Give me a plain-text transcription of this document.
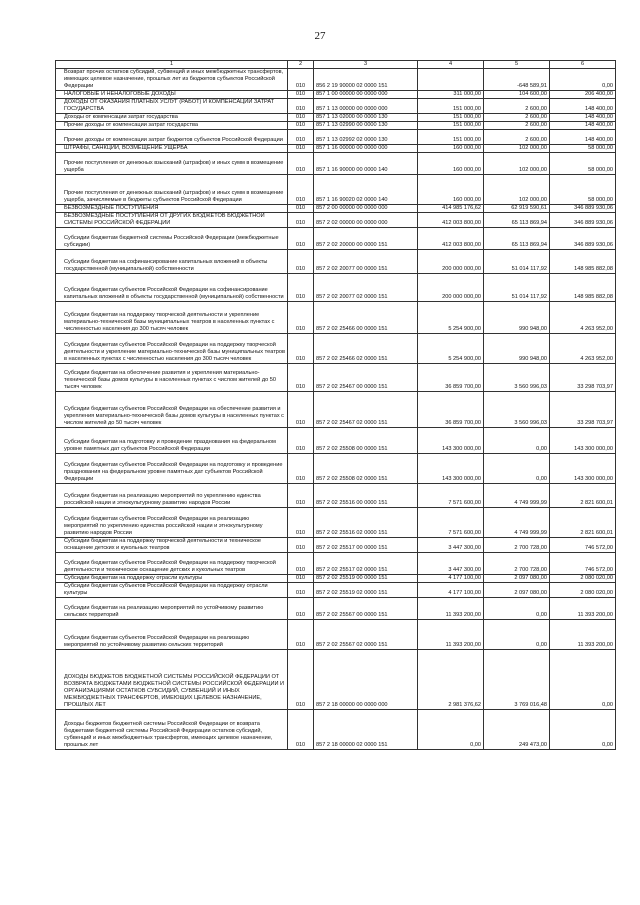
27
1	2	3	4	5	6

Возврат прочих остатков субсидий, субвенций и иных межбюджетных трансфертов, имеющих целевое назначение, прошлых лет из бюджетов субъектов Российской Федерации	010	856 2 19 90000 02 0000 151		-648 589,91	0,00

НАЛОГОВЫЕ И НЕНАЛОГОВЫЕ ДОХОДЫ	010	857 1 00 00000 00 0000 000	311 000,00	104 600,00	206 400,00

ДОХОДЫ ОТ ОКАЗАНИЯ ПЛАТНЫХ УСЛУГ (РАБОТ) И КОМПЕНСАЦИИ ЗАТРАТ ГОСУДАРСТВА	010	857 1 13 00000 00 0000 000	151 000,00	2 600,00	148 400,00

Доходы от компенсации затрат государства	010	857 1 13 02000 00 0000 130	151 000,00	2 600,00	148 400,00

Прочие доходы от компенсации затрат государства	010	857 1 13 02990 00 0000 130	151 000,00	2 600,00	148 400,00

Прочие доходы от компенсации затрат бюджетов субъектов Российской Федерации	010	857 1 13 02992 02 0000 130	151 000,00	2 600,00	148 400,00

ШТРАФЫ, САНКЦИИ, ВОЗМЕЩЕНИЕ УЩЕРБА	010	857 1 16 00000 00 0000 000	160 000,00	102 000,00	58 000,00

Прочие поступления от денежных взысканий (штрафов) и иных сумм в возмещение ущерба	010	857 1 16 90000 00 0000 140	160 000,00	102 000,00	58 000,00

Прочие поступления от денежных взысканий (штрафов) и иных сумм в возмещение ущерба, зачисляемые в бюджеты субъектов Российской Федерации	010	857 1 16 90020 02 0000 140	160 000,00	102 000,00	58 000,00

БЕЗВОЗМЕЗДНЫЕ ПОСТУПЛЕНИЯ	010	857 2 00 00000 00 0000 000	414 985 176,62	62 919 590,61	346 889 930,06

БЕЗВОЗМЕЗДНЫЕ ПОСТУПЛЕНИЯ ОТ ДРУГИХ БЮДЖЕТОВ БЮДЖЕТНОЙ СИСТЕМЫ РОССИЙСКОЙ ФЕДЕРАЦИИ	010	857 2 02 00000 00 0000 000	412 003 800,00	65 113 869,94	346 889 930,06

Субсидии бюджетам бюджетной системы Российской Федерации (межбюджетные субсидии)	010	857 2 02 20000 00 0000 151	412 003 800,00	65 113 869,94	346 889 930,06

Субсидии бюджетам на софинансирование капитальных вложений в объекты государственной (муниципальной) собственности	010	857 2 02 20077 00 0000 151	200 000 000,00	51 014 117,92	148 985 882,08

Субсидии бюджетам субъектов Российской Федерации на софинансирование капитальных вложений в объекты государственной (муниципальной) собственности	010	857 2 02 20077 02 0000 151	200 000 000,00	51 014 117,92	148 985 882,08

Субсидии бюджетам на поддержку творческой деятельности и укрепление материально-технической базы муниципальных театров в населенных пунктах с численностью населения до 300 тысяч человек	010	857 2 02 25466 00 0000 151	5 254 900,00	990 948,00	4 263 952,00

Субсидии бюджетам субъектов Российской Федерации на поддержку творческой деятельности и укрепление материально-технической базы муниципальных театров в населенных пунктах с численностью населения до 300 тысяч человек	010	857 2 02 25466 02 0000 151	5 254 900,00	990 948,00	4 263 952,00

Субсидии бюджетам на обеспечение развития и укрепления материально-технической базы домов культуры в населенных пунктах с числом жителей до 50 тысяч человек	010	857 2 02 25467 00 0000 151	36 859 700,00	3 560 996,03	33 298 703,97

Субсидии бюджетам субъектов Российской Федерации на обеспечение развития и укрепления материально-технической базы домов культуры в населенных пунктах с числом жителей до 50 тысяч человек	010	857 2 02 25467 02 0000 151	36 859 700,00	3 560 996,03	33 298 703,97

Субсидии бюджетам на подготовку и проведение празднования на федеральном уровне памятных дат субъектов Российской Федерации	010	857 2 02 25508 00 0000 151	143 300 000,00	0,00	143 300 000,00

Субсидии бюджетам субъектов Российской Федерации на подготовку и проведение празднования на федеральном уровне памятных дат субъектов Российской Федерации	010	857 2 02 25508 02 0000 151	143 300 000,00	0,00	143 300 000,00

Субсидии бюджетам на реализацию мероприятий по укреплению единства российской нации и этнокультурному развитию народов России	010	857 2 02 25516 00 0000 151	7 571 600,00	4 749 999,99	2 821 600,01

Субсидии бюджетам субъектов Российской Федерации на реализацию мероприятий по укреплению единства российской нации и этнокультурному развитию народов России	010	857 2 02 25516 02 0000 151	7 571 600,00	4 749 999,99	2 821 600,01

Субсидии бюджетам на поддержку творческой деятельности и техническое оснащение детских и кукольных театров	010	857 2 02 25517 00 0000 151	3 447 300,00	2 700 728,00	746 572,00

Субсидии бюджетам субъектов Российской Федерации на поддержку творческой деятельности и техническое оснащение детских и кукольных театров	010	857 2 02 25517 02 0000 151	3 447 300,00	2 700 728,00	746 572,00

Субсидии бюджетам на поддержку отрасли культуры	010	857 2 02 25519 00 0000 151	4 177 100,00	2 097 080,00	2 080 020,00

Субсидии бюджетам субъектов Российской Федерации на поддержку отрасли культуры	010	857 2 02 25519 02 0000 151	4 177 100,00	2 097 080,00	2 080 020,00

Субсидии бюджетам на реализацию мероприятий по устойчивому развитию сельских территорий	010	857 2 02 25567 00 0000 151	11 393 200,00	0,00	11 393 200,00

Субсидии бюджетам субъектов Российской Федерации на реализацию мероприятий по устойчивому развитию сельских территорий	010	857 2 02 25567 02 0000 151	11 393 200,00	0,00	11 393 200,00

ДОХОДЫ БЮДЖЕТОВ БЮДЖЕТНОЙ СИСТЕМЫ РОССИЙСКОЙ ФЕДЕРАЦИИ ОТ ВОЗВРАТА БЮДЖЕТАМИ БЮДЖЕТНОЙ СИСТЕМЫ РОССИЙСКОЙ ФЕДЕРАЦИИ И ОРГАНИЗАЦИЯМИ ОСТАТКОВ СУБСИДИЙ, СУБВЕНЦИЙ И ИНЫХ МЕЖБЮДЖЕТНЫХ ТРАНСФЕРТОВ, ИМЕЮЩИХ ЦЕЛЕВОЕ НАЗНАЧЕНИЕ, ПРОШЛЫХ ЛЕТ	010	857 2 18 00000 00 0000 000	2 981 376,62	3 769 016,48	0,00

Доходы бюджетов бюджетной системы Российской Федерации от возврата бюджетами бюджетной системы Российской Федерации остатков субсидий, субвенций и иных межбюджетных трансфертов, имеющих целевое назначение, прошлых лет	010	857 2 18 00000 02 0000 151	0,00	249 473,00	0,00
